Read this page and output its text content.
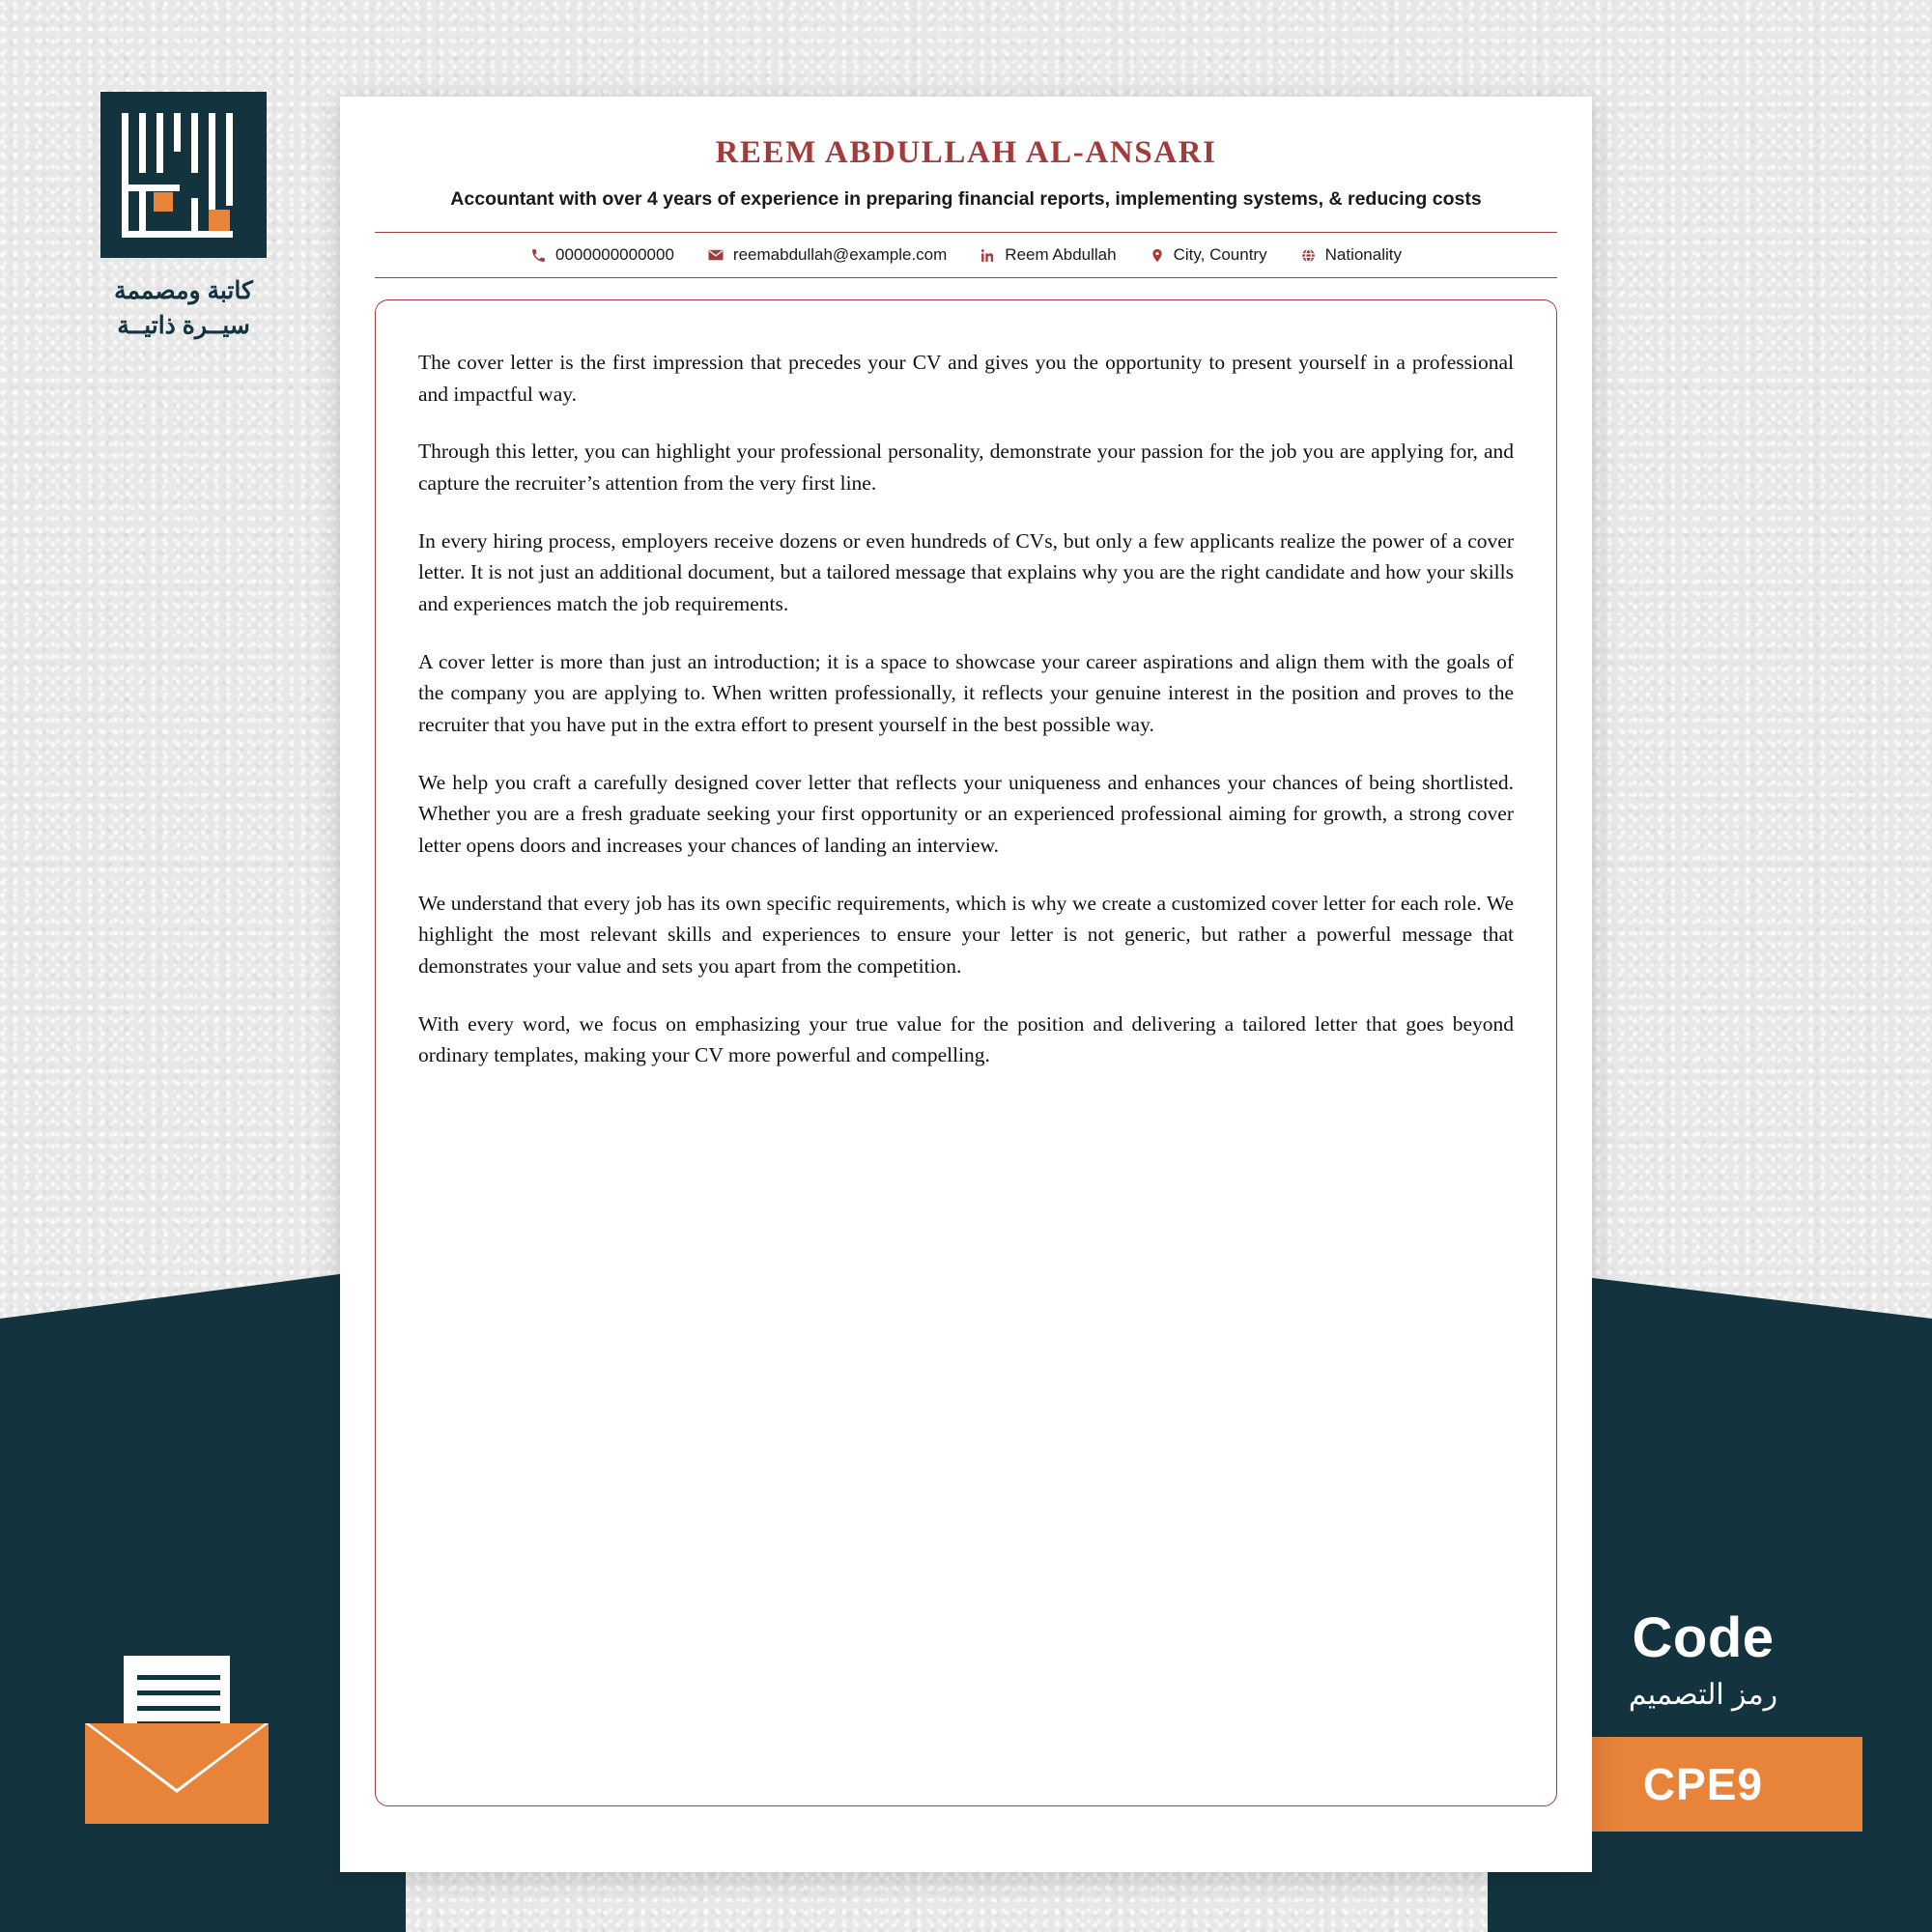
كاتبة ومصممة
سيــرة ذاتيــة
Code
رمز التصميم
CPE9
REEM ABDULLAH AL-ANSARI
Accountant with over 4 years of experience in preparing financial reports, implementing systems, & reducing costs
0000000000000	reemabdullah@example.com	Reem Abdullah	City, Country	Nationality

The cover letter is the first impression that precedes your CV and gives you the opportunity to present yourself in a professional and impactful way.

Through this letter, you can highlight your professional personality, demonstrate your passion for the job you are applying for, and capture the recruiter’s attention from the very first line.

In every hiring process, employers receive dozens or even hundreds of CVs, but only a few applicants realize the power of a cover letter. It is not just an additional document, but a tailored message that explains why you are the right candidate and how your skills and experiences match the job requirements.

A cover letter is more than just an introduction; it is a space to showcase your career aspirations and align them with the goals of the company you are applying to. When written professionally, it reflects your genuine interest in the position and proves to the recruiter that you have put in the extra effort to present yourself in the best possible way.

We help you craft a carefully designed cover letter that reflects your uniqueness and enhances your chances of being shortlisted. Whether you are a fresh graduate seeking your first opportunity or an experienced professional aiming for growth, a strong cover letter opens doors and increases your chances of landing an interview.

We understand that every job has its own specific requirements, which is why we create a customized cover letter for each role. We highlight the most relevant skills and experiences to ensure your letter is not generic, but rather a powerful message that demonstrates your value and sets you apart from the competition.

With every word, we focus on emphasizing your true value for the position and delivering a tailored letter that goes beyond ordinary templates, making your CV more powerful and compelling.
